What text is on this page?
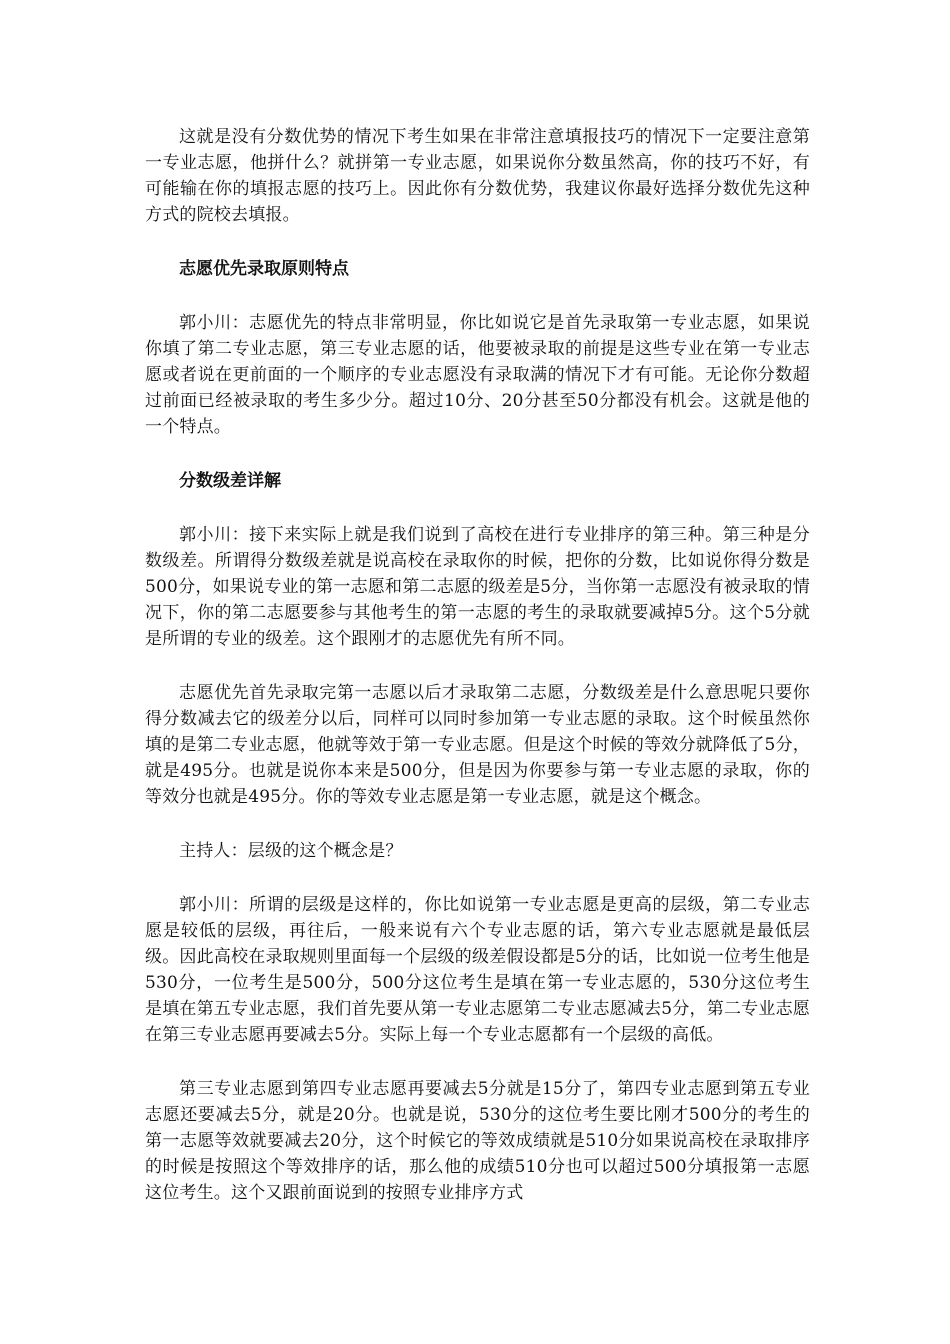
这就是没有分数优势的情况下考生如果在非常注意填报技巧的情况下一定要注意第一专业志愿，他拼什么？就拼第一专业志愿，如果说你分数虽然高，你的技巧不好，有可能输在你的填报志愿的技巧上。因此你有分数优势，我建议你最好选择分数优先这种方式的院校去填报。

志愿优先录取原则特点

郭小川：志愿优先的特点非常明显，你比如说它是首先录取第一专业志愿，如果说你填了第二专业志愿，第三专业志愿的话，他要被录取的前提是这些专业在第一专业志愿或者说在更前面的一个顺序的专业志愿没有录取满的情况下才有可能。无论你分数超过前面已经被录取的考生多少分。超过10分、20分甚至50分都没有机会。这就是他的一个特点。

分数级差详解

郭小川：接下来实际上就是我们说到了高校在进行专业排序的第三种。第三种是分数级差。所谓得分数级差就是说高校在录取你的时候，把你的分数，比如说你得分数是500分，如果说专业的第一志愿和第二志愿的级差是5分，当你第一志愿没有被录取的情况下，你的第二志愿要参与其他考生的第一志愿的考生的录取就要减掉5分。这个5分就是所谓的专业的级差。这个跟刚才的志愿优先有所不同。

志愿优先首先录取完第一志愿以后才录取第二志愿，分数级差是什么意思呢只要你得分数减去它的级差分以后，同样可以同时参加第一专业志愿的录取。这个时候虽然你填的是第二专业志愿，他就等效于第一专业志愿。但是这个时候的等效分就降低了5分，就是495分。也就是说你本来是500分，但是因为你要参与第一专业志愿的录取，你的等效分也就是495分。你的等效专业志愿是第一专业志愿，就是这个概念。

主持人：层级的这个概念是？

郭小川：所谓的层级是这样的，你比如说第一专业志愿是更高的层级，第二专业志愿是较低的层级，再往后，一般来说有六个专业志愿的话，第六专业志愿就是最低层级。因此高校在录取规则里面每一个层级的级差假设都是5分的话，比如说一位考生他是530分，一位考生是500分，500分这位考生是填在第一专业志愿的，530分这位考生是填在第五专业志愿，我们首先要从第一专业志愿第二专业志愿减去5分，第二专业志愿在第三专业志愿再要减去5分。实际上每一个专业志愿都有一个层级的高低。

第三专业志愿到第四专业志愿再要减去5分就是15分了，第四专业志愿到第五专业志愿还要减去5分，就是20分。也就是说，530分的这位考生要比刚才500分的考生的第一志愿等效就要减去20分，这个时候它的等效成绩就是510分如果说高校在录取排序的时候是按照这个等效排序的话，那么他的成绩510分也可以超过500分填报第一志愿这位考生。这个又跟前面说到的按照专业排序方式
